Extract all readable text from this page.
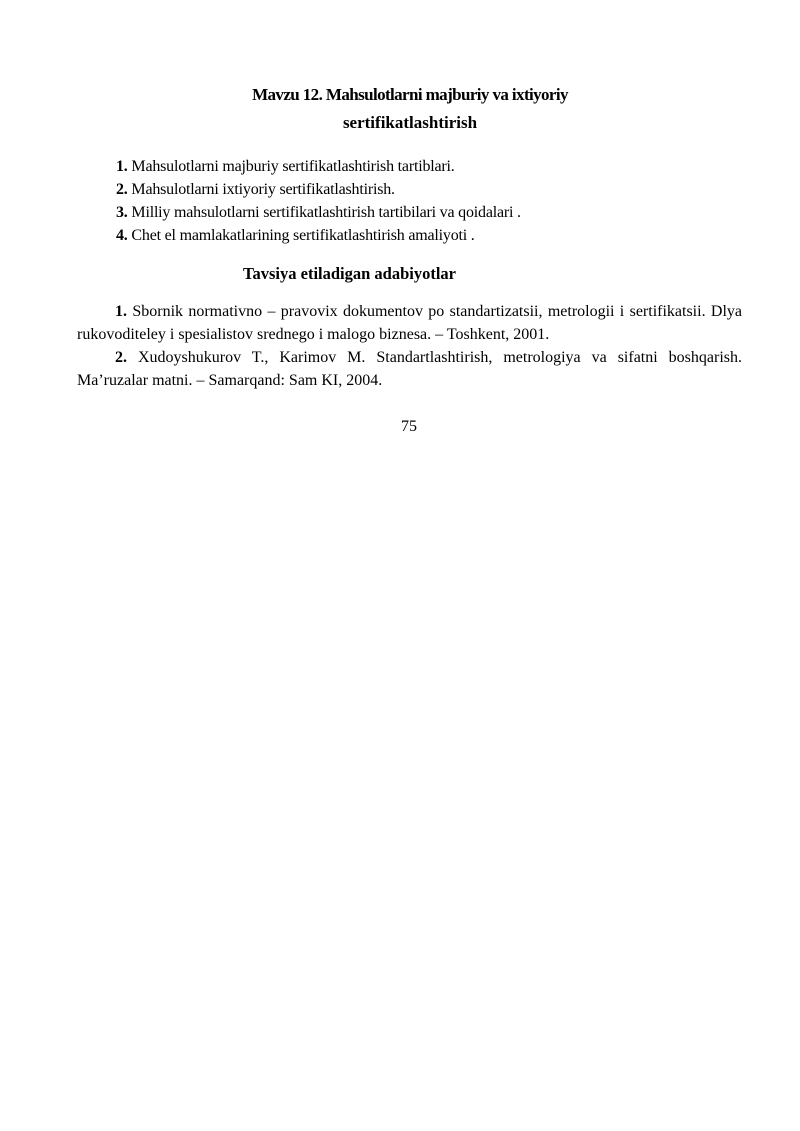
Mavzu 12. Mahsulotlarni majburiy va ixtiyoriy
sertifikatlashtirish
1. Mahsulotlarni majburiy sertifikatlashtirish tartiblari.
2. Mahsulotlarni ixtiyoriy sertifikatlashtirish.
3. Milliy mahsulotlarni sertifikatlashtirish tartibilari va qoidalari .
4. Chet el mamlakatlarining sertifikatlashtirish amaliyoti .
Tavsiya etiladigan adabiyotlar

1. Sbornik normativno – pravovix dokumentov po standartizatsii, metrologii i sertifikatsii. Dlya rukovoditeley i spesialistov srednego i malogo biznesa. – Toshkent, 2001.

2. Xudoyshukurov T., Karimov M. Standartlashtirish, metrologiya va sifatni boshqarish. Ma’ruzalar matni. – Samarqand: Sam KI, 2004.

75
